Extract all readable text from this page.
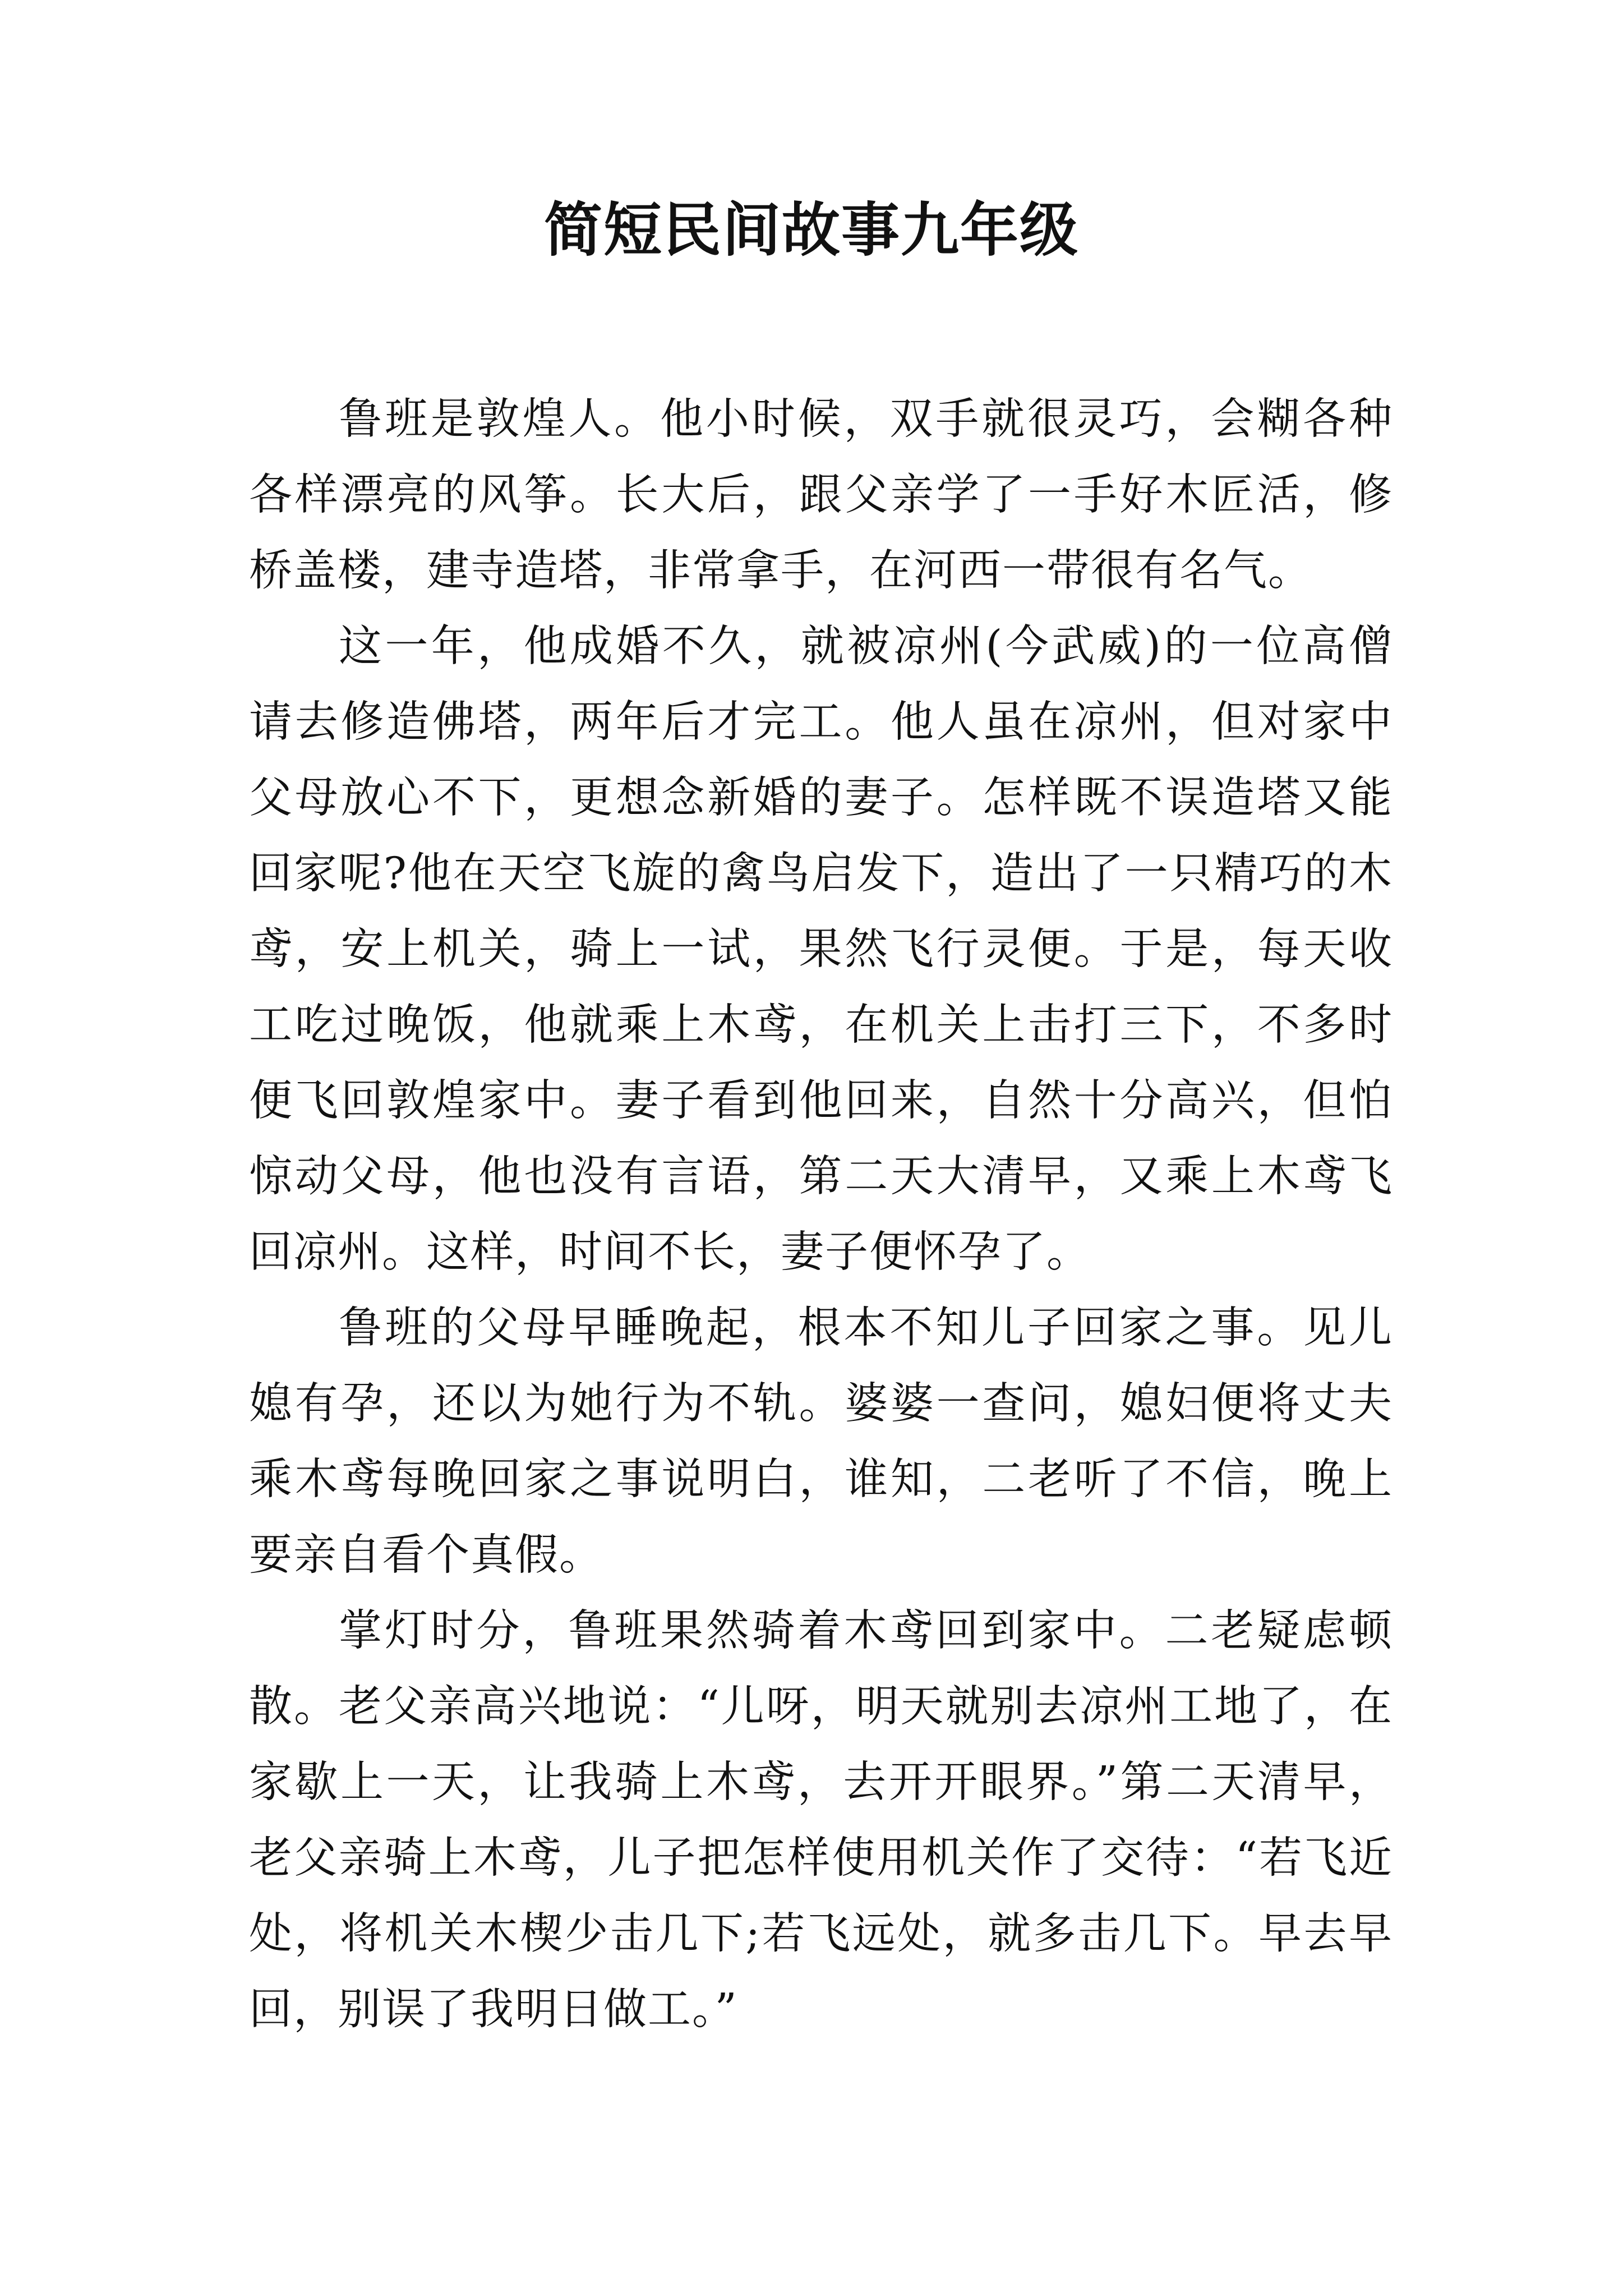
简短民间故事九年级

鲁班是敦煌人。他小时候，双手就很灵巧，会糊各种各样漂亮的风筝。长大后，跟父亲学了一手好木匠活，修桥盖楼，建寺造塔，非常拿手，在河西一带很有名气。

这一年，他成婚不久，就被凉州(今武威)的一位高僧请去修造佛塔，两年后才完工。他人虽在凉州，但对家中父母放心不下，更想念新婚的妻子。怎样既不误造塔又能回家呢?他在天空飞旋的禽鸟启发下，造出了一只精巧的木鸢，安上机关，骑上一试，果然飞行灵便。于是，每天收工吃过晚饭，他就乘上木鸢，在机关上击打三下，不多时便飞回敦煌家中。妻子看到他回来，自然十分高兴，但怕惊动父母，他也没有言语，第二天大清早，又乘上木鸢飞回凉州。这样，时间不长，妻子便怀孕了。

鲁班的父母早睡晚起，根本不知儿子回家之事。见儿媳有孕，还以为她行为不轨。婆婆一查问，媳妇便将丈夫乘木鸢每晚回家之事说明白，谁知，二老听了不信，晚上要亲自看个真假。

掌灯时分，鲁班果然骑着木鸢回到家中。二老疑虑顿散。老父亲高兴地说：“儿呀，明天就别去凉州工地了，在家歇上一天，让我骑上木鸢，去开开眼界。”第二天清早，老父亲骑上木鸢，儿子把怎样使用机关作了交待：“若飞近处，将机关木楔少击几下;若飞远处，就多击几下。早去早回，别误了我明日做工。”
